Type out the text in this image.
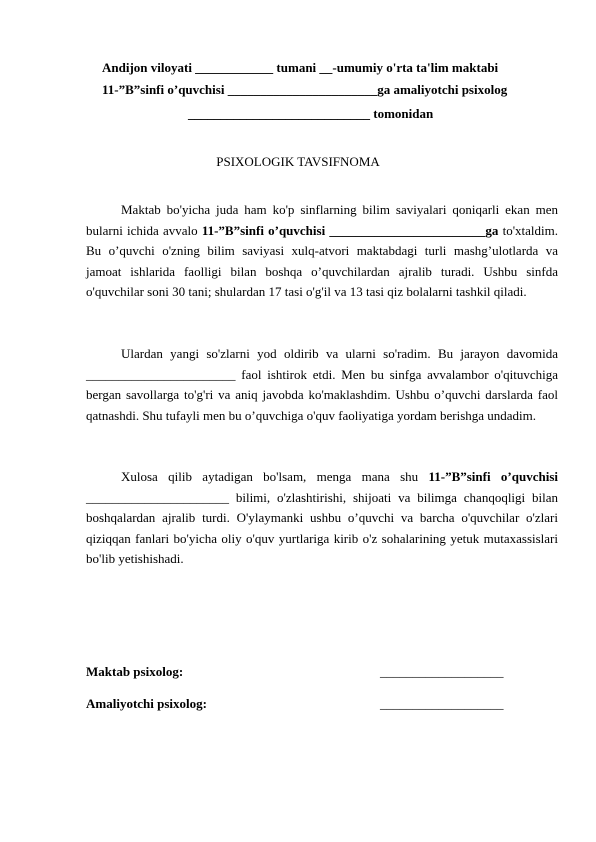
Andijon viloyati ____________ tumani __-umumiy o'rta ta'lim maktabi
11-”B”sinfi o’quvchisi _______________________ga amaliyotchi psixolog
____________________________ tomonidan
PSIXOLOGIK TAVSIFNOMA
Maktab bo'yicha juda ham ko'p sinflarning bilim saviyalari qoniqarli ekan men bularni ichida avvalo 11-”B”sinfi o’quvchisi ________________________ga to'xtaldim. Bu o’quvchi o'zning bilim saviyasi xulq-atvori maktabdagi turli mashg’ulotlarda va jamoat ishlarida faolligi bilan boshqa o’quvchilardan ajralib turadi. Ushbu sinfda o'quvchilar soni 30 tani; shulardan 17 tasi o'g'il va 13 tasi qiz bolalarni tashkil qiladi.
Ulardan yangi so'zlarni yod oldirib va ularni so'radim. Bu jarayon davomida _______________________ faol ishtirok etdi. Men bu sinfga avvalambor o'qituvchiga bergan savollarga to'g'ri va aniq javobda ko'maklashdim. Ushbu o’quvchi darslarda faol qatnashdi. Shu tufayli men bu o’quvchiga o'quv faoliyatiga yordam berishga undadim.
Xulosa qilib aytadigan bo'lsam, menga mana shu 11-”B”sinfi o’quvchisi ______________________ bilimi, o'zlashtirishi, shijoati va bilimga chanqoqligi bilan boshqalardan ajralib turdi. O'ylaymanki ushbu o’quvchi va barcha o'quvchilar o'zlari qiziqqan fanlari bo'yicha oliy o'quv yurtlariga kirib o'z sohalarining yetuk mutaxassislari bo'lib yetishishadi.
Maktab psixolog:	___________________
Amaliyotchi psixolog:	___________________
